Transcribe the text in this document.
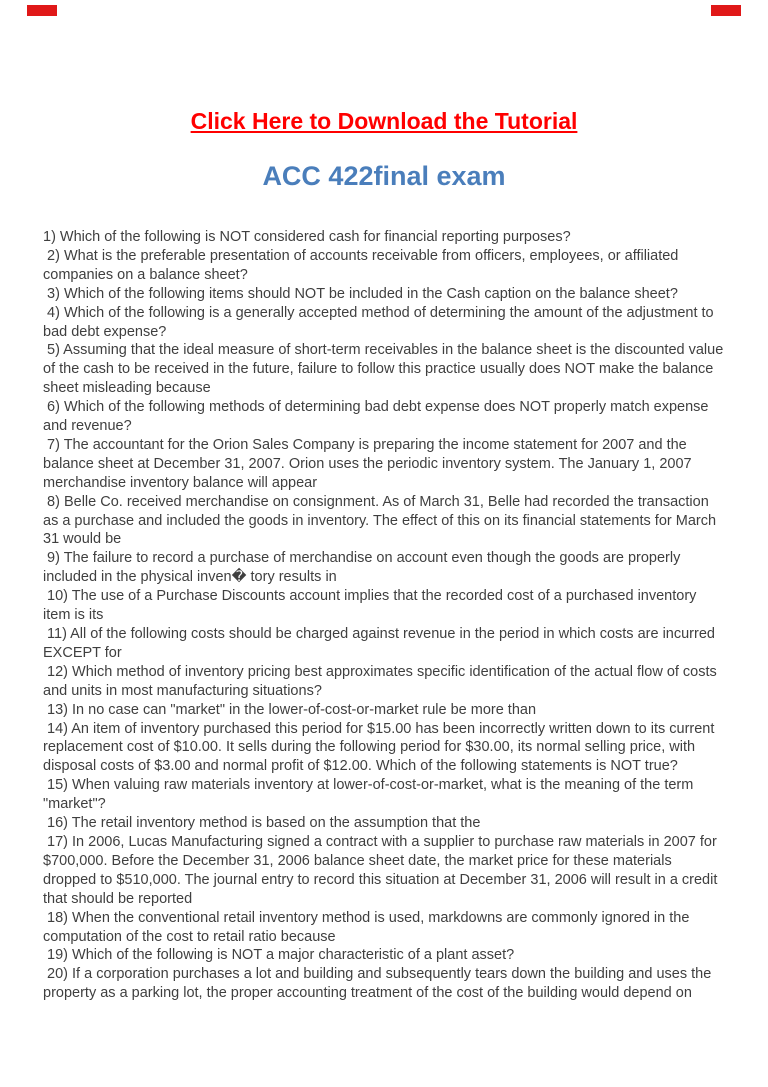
Click Here to Download the Tutorial
ACC 422final exam

1) Which of the following is NOT considered cash for financial reporting purposes?

2) What is the preferable presentation of accounts receivable from officers, employees, or affiliated companies on a balance sheet?

3) Which of the following items should NOT be included in the Cash caption on the balance sheet?

4) Which of the following is a generally accepted method of determining the amount of the adjustment to bad debt expense?

5) Assuming that the ideal measure of short-term receivables in the balance sheet is the discounted value of the cash to be received in the future, failure to follow this practice usually does NOT make the balance sheet misleading because

6) Which of the following methods of determining bad debt expense does NOT properly match expense and revenue?

7) The accountant for the Orion Sales Company is preparing the income statement for 2007 and the balance sheet at December 31, 2007. Orion uses the periodic inventory system. The January 1, 2007 merchandise inventory balance will appear

8) Belle Co. received merchandise on consignment. As of March 31, Belle had recorded the transaction as a purchase and included the goods in inventory. The effect of this on its financial statements for March 31 would be

9) The failure to record a purchase of merchandise on account even though the goods are properly included in the physical inven� tory results in

10) The use of a Purchase Discounts account implies that the recorded cost of a purchased inventory item is its

11) All of the following costs should be charged against revenue in the period in which costs are incurred EXCEPT for

12) Which method of inventory pricing best approximates specific identification of the actual flow of costs and units in most manufacturing situations?

13) In no case can "market" in the lower-of-cost-or-market rule be more than

14) An item of inventory purchased this period for $15.00 has been incorrectly written down to its current replacement cost of $10.00. It sells during the following period for $30.00, its normal selling price, with disposal costs of $3.00 and normal profit of $12.00. Which of the following statements is NOT true?

15) When valuing raw materials inventory at lower-of-cost-or-market, what is the meaning of the term "market"?

16) The retail inventory method is based on the assumption that the

17) In 2006, Lucas Manufacturing signed a contract with a supplier to purchase raw materials in 2007 for $700,000. Before the December 31, 2006 balance sheet date, the market price for these materials dropped to $510,000. The journal entry to record this situation at December 31, 2006 will result in a credit that should be reported

18) When the conventional retail inventory method is used, markdowns are commonly ignored in the computation of the cost to retail ratio because

19) Which of the following is NOT a major characteristic of a plant asset?

20) If a corporation purchases a lot and building and subsequently tears down the building and uses the property as a parking lot, the proper accounting treatment of the cost of the building would depend on
